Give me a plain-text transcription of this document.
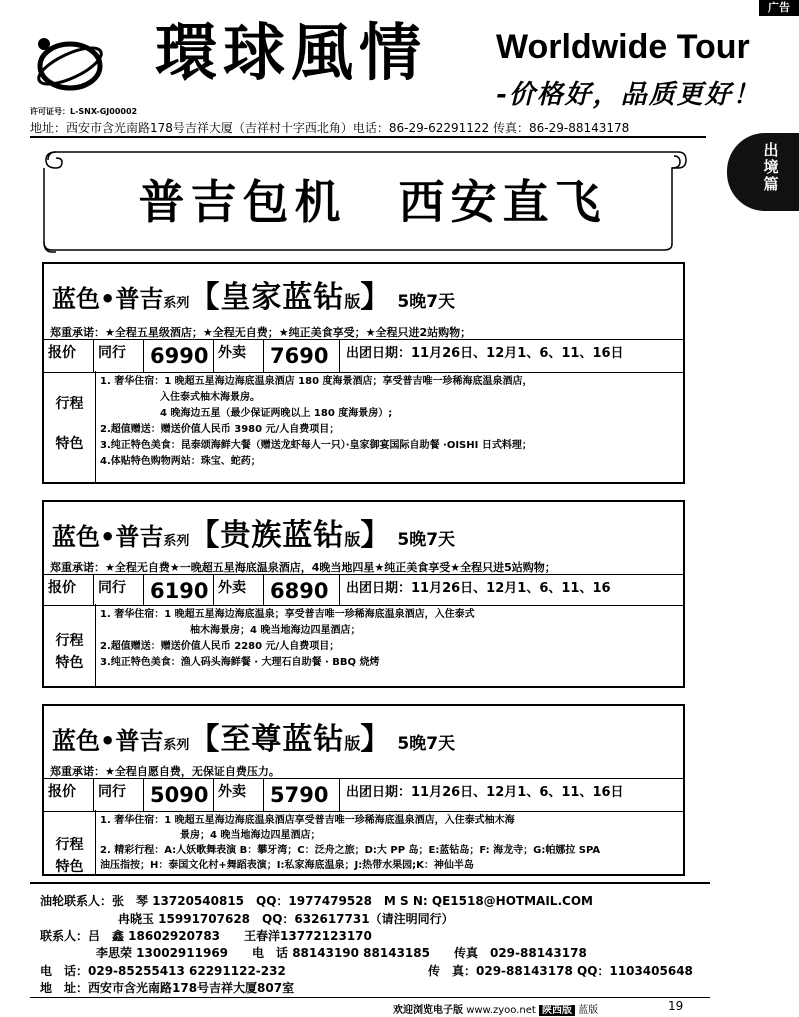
广告
出
境
篇
環球風情 Worldwide Tour
-价格好，品质更好！
许可证号：L-SNX-GJ00002
地址：西安市含光南路178号吉祥大厦（吉祥村十字西北角）电话：86-29-62291122 传真：86-29-88143178
普吉包机　西安直飞
蓝色•普吉系列【皇家蓝钻版】 5晚7天
郑重承诺：★全程五星级酒店；★全程无自费；★纯正美食享受；★全程只进2站购物；
报价	同行	6990 外卖	7690	出团日期：11月26日、12月1、6、11、16日
行程
特色
1. 奢华住宿：1 晚超五星海边海底温泉酒店 180 度海景酒店；享受普吉唯一珍稀海底温泉酒店，
　　　　　　入住泰式柚木海景房。
　　　　　　4 晚海边五星（最少保证两晚以上 180 度海景房）;
2.超值赠送：赠送价值人民币 3980 元/人自费项目；
3.纯正特色美食：昆泰颂海鲜大餐（赠送龙虾每人一只）·皇家御宴国际自助餐 ·OISHI 日式料理；
4.体贴特色购物两站：珠宝、蛇药；
蓝色•普吉系列【贵族蓝钻版】 5晚7天
郑重承诺：★全程无自费★一晚超五星海底温泉酒店，4晚当地四星★纯正美食享受★全程只进5站购物；
报价	同行	6190 外卖	6890	出团日期：11月26日、12月1、6、11、16
行程
特色
1. 奢华住宿：1 晚超五星海边海底温泉；享受普吉唯一珍稀海底温泉酒店，入住泰式
　　　　　　　　　柚木海景房；4 晚当地海边四星酒店；
2.超值赠送：赠送价值人民币 2280 元/人自费项目；
3.纯正特色美食：渔人码头海鲜餐 · 大理石自助餐 · BBQ 烧烤
蓝色•普吉系列【至尊蓝钻版】 5晚7天
郑重承诺：★全程自愿自费，无保证自费压力。
报价	同行	5090 外卖	5790	出团日期：11月26日、12月1、6、11、16日
行程
特色
1. 奢华住宿：1 晚超五星海边海底温泉酒店享受普吉唯一珍稀海底温泉酒店，入住泰式柚木海
　　　　　　　　景房；4 晚当地海边四星酒店；
2. 精彩行程：A:人妖歌舞表演 B：攀牙湾；C：泛舟之旅；D:大 PP 岛；E:蓝钻岛；F: 海龙寺；G:帕娜拉 SPA
油压指按；H：泰国文化村+舞蹈表演；I:私家海底温泉；J:热带水果园;K：神仙半岛
油轮联系人：张　琴 13720540815　QQ：1977479528　M S N: QE1518@HOTMAIL.COM
冉晓玉 15991707628　QQ：632617731（请注明同行）
联系人：吕　鑫 18602920783　　王春洋13772123170
李思荣 13002911969　　电　话 88143190 88143185　　传真　029-88143178
电　话：029-85255413 62291122-232	传　真：029-88143178 QQ：1103405648
地　址：西安市含光南路178号吉祥大厦807室
欢迎浏览电子版 www.zyoo.net 陕西版 蓝版	19
